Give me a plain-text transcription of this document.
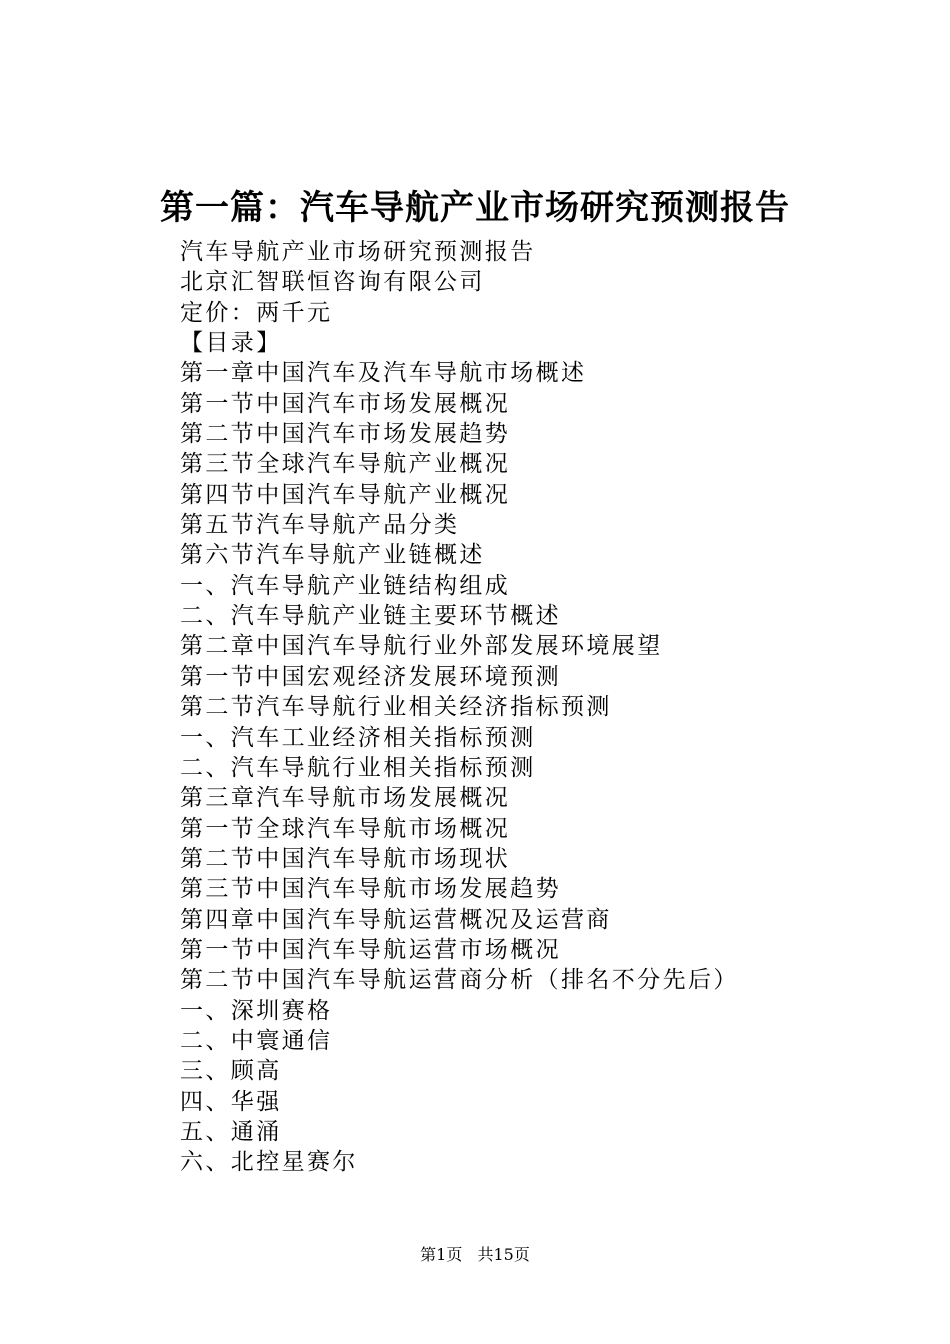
第一篇：汽车导航产业市场研究预测报告
汽车导航产业市场研究预测报告
北京汇智联恒咨询有限公司
定价：两千元
【目录】
第一章中国汽车及汽车导航市场概述
第一节中国汽车市场发展概况
第二节中国汽车市场发展趋势
第三节全球汽车导航产业概况
第四节中国汽车导航产业概况
第五节汽车导航产品分类
第六节汽车导航产业链概述
一、汽车导航产业链结构组成
二、汽车导航产业链主要环节概述
第二章中国汽车导航行业外部发展环境展望
第一节中国宏观经济发展环境预测
第二节汽车导航行业相关经济指标预测
一、汽车工业经济相关指标预测
二、汽车导航行业相关指标预测
第三章汽车导航市场发展概况
第一节全球汽车导航市场概况
第二节中国汽车导航市场现状
第三节中国汽车导航市场发展趋势
第四章中国汽车导航运营概况及运营商
第一节中国汽车导航运营市场概况
第二节中国汽车导航运营商分析（排名不分先后）
一、深圳赛格
二、中寰通信
三、顾高
四、华强
五、通涌
六、北控星赛尔
第1页 共15页
